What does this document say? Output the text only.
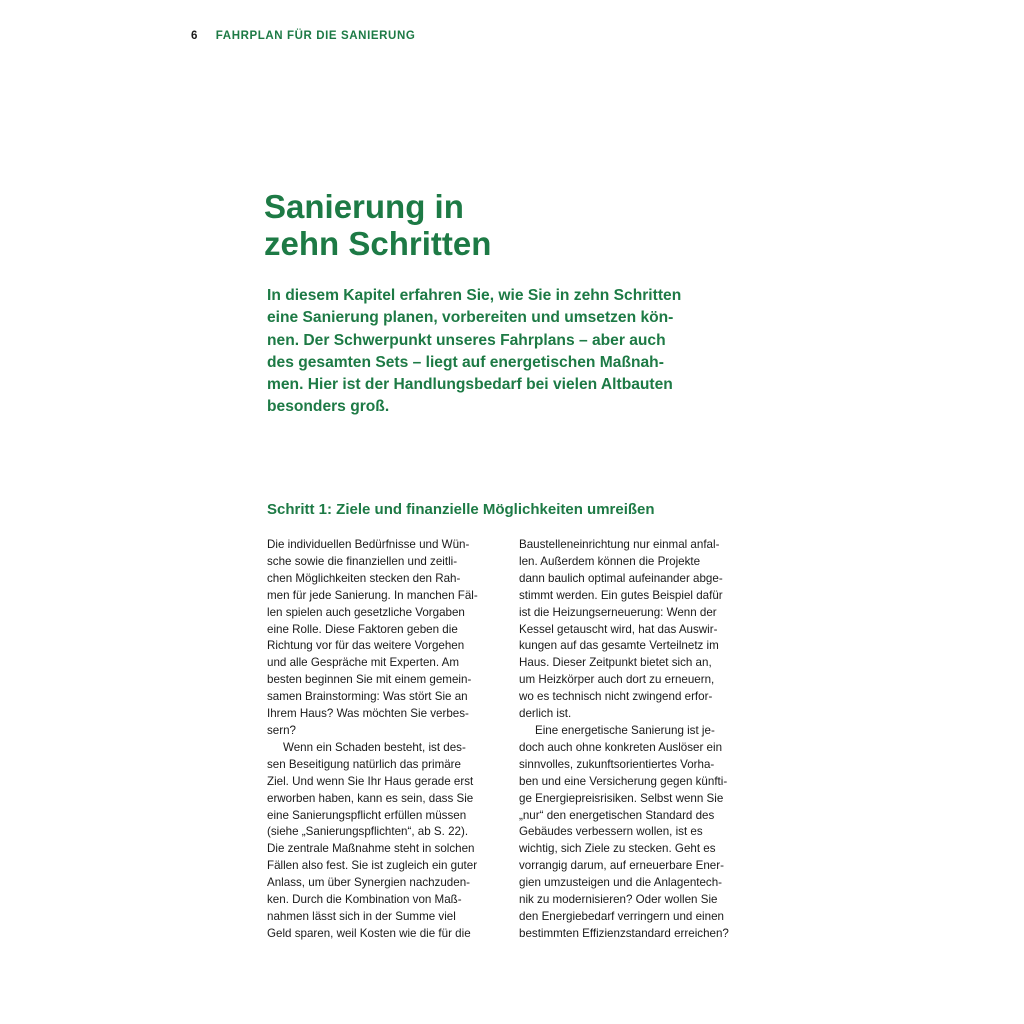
6 FAHRPLAN FÜR DIE SANIERUNG
Sanierung in
zehn Schritten
In diesem Kapitel erfahren Sie, wie Sie in zehn Schritten
eine Sanierung planen, vorbereiten und umsetzen kön-
nen. Der Schwerpunkt unseres Fahrplans – aber auch
des gesamten Sets – liegt auf energetischen Maßnah-
men. Hier ist der Handlungsbedarf bei vielen Altbauten
besonders groß.
Schritt 1: Ziele und finanzielle Möglichkeiten umreißen
Die individuellen Bedürfnisse und Wün-
sche sowie die finanziellen und zeitli-
chen Möglichkeiten stecken den Rah-
men für jede Sanierung. In manchen Fäl-
len spielen auch gesetzliche Vorgaben
eine Rolle. Diese Faktoren geben die
Richtung vor für das weitere Vorgehen
und alle Gespräche mit Experten. Am
besten beginnen Sie mit einem gemein-
samen Brainstorming: Was stört Sie an
Ihrem Haus? Was möchten Sie verbes-
sern?
Wenn ein Schaden besteht, ist des-
sen Beseitigung natürlich das primäre
Ziel. Und wenn Sie Ihr Haus gerade erst
erworben haben, kann es sein, dass Sie
eine Sanierungspflicht erfüllen müssen
(siehe „Sanierungspflichten“, ab S. 22).
Die zentrale Maßnahme steht in solchen
Fällen also fest. Sie ist zugleich ein guter
Anlass, um über Synergien nachzuden-
ken. Durch die Kombination von Maß-
nahmen lässt sich in der Summe viel
Geld sparen, weil Kosten wie die für die
Baustelleneinrichtung nur einmal anfal-
len. Außerdem können die Projekte
dann baulich optimal aufeinander abge-
stimmt werden. Ein gutes Beispiel dafür
ist die Heizungserneuerung: Wenn der
Kessel getauscht wird, hat das Auswir-
kungen auf das gesamte Verteilnetz im
Haus. Dieser Zeitpunkt bietet sich an,
um Heizkörper auch dort zu erneuern,
wo es technisch nicht zwingend erfor-
derlich ist.
Eine energetische Sanierung ist je-
doch auch ohne konkreten Auslöser ein
sinnvolles, zukunftsorientiertes Vorha-
ben und eine Versicherung gegen künfti-
ge Energiepreisrisiken. Selbst wenn Sie
„nur“ den energetischen Standard des
Gebäudes verbessern wollen, ist es
wichtig, sich Ziele zu stecken. Geht es
vorrangig darum, auf erneuerbare Ener-
gien umzusteigen und die Anlagentech-
nik zu modernisieren? Oder wollen Sie
den Energiebedarf verringern und einen
bestimmten Effizienzstandard erreichen?
